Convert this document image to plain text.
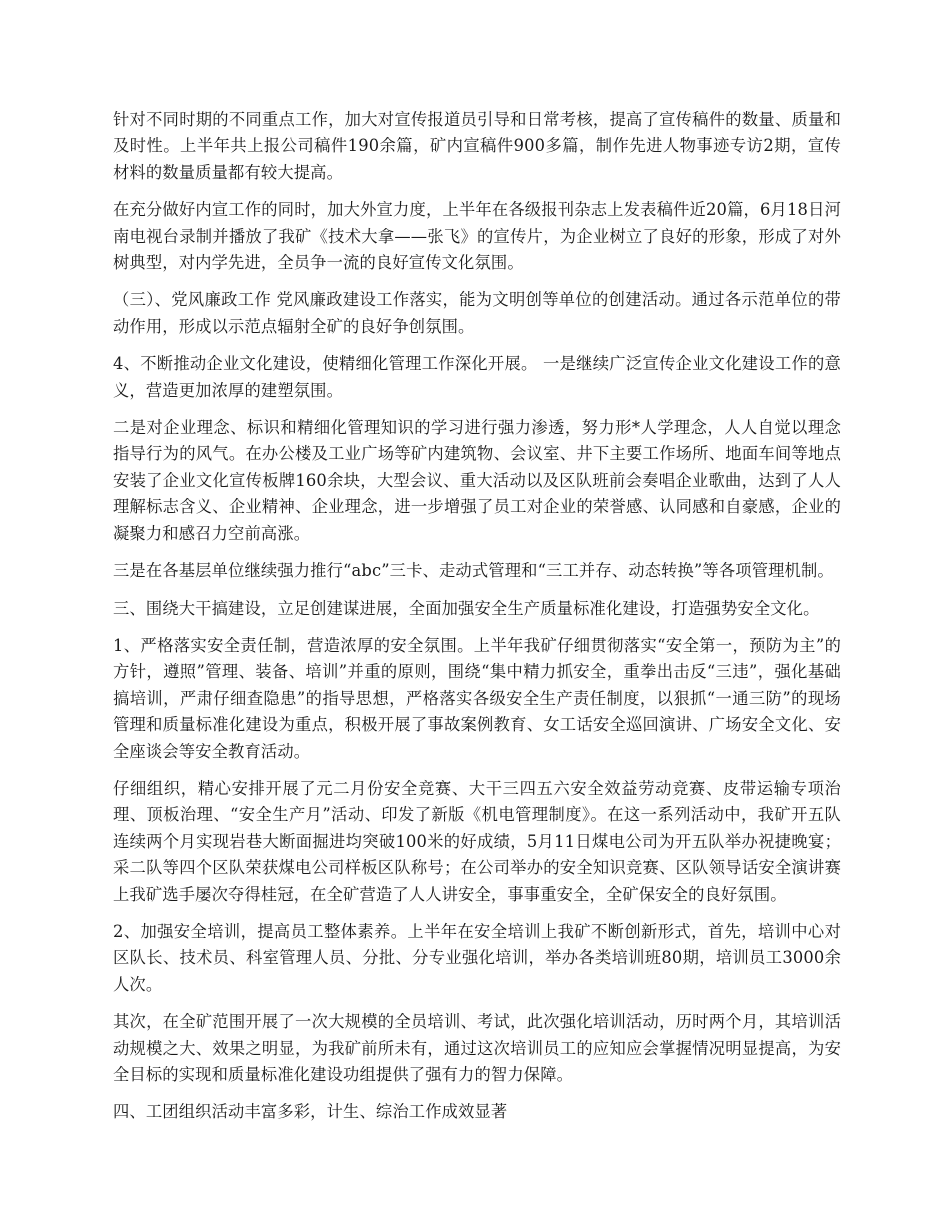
针对不同时期的不同重点工作，加大对宣传报道员引导和日常考核，提高了宣传稿件的数量、质量和及时性。上半年共上报公司稿件190余篇，矿内宣稿件900多篇，制作先进人物事迹专访2期，宣传材料的数量质量都有较大提高。

在充分做好内宣工作的同时，加大外宣力度，上半年在各级报刊杂志上发表稿件近20篇，6月18日河南电视台录制并播放了我矿《技术大拿——张飞》的宣传片，为企业树立了良好的形象，形成了对外树典型，对内学先进，全员争一流的良好宣传文化氛围。

（三）、党风廉政工作 党风廉政建设工作落实，能为文明创等单位的创建活动。通过各示范单位的带动作用，形成以示范点辐射全矿的良好争创氛围。

4、不断推动企业文化建设，使精细化管理工作深化开展。 一是继续广泛宣传企业文化建设工作的意义，营造更加浓厚的建塑氛围。

二是对企业理念、标识和精细化管理知识的学习进行强力渗透，努力形*人学理念，人人自觉以理念指导行为的风气。在办公楼及工业广场等矿内建筑物、会议室、井下主要工作场所、地面车间等地点安装了企业文化宣传板牌160余块，大型会议、重大活动以及区队班前会奏唱企业歌曲，达到了人人理解标志含义、企业精神、企业理念，进一步增强了员工对企业的荣誉感、认同感和自豪感，企业的凝聚力和感召力空前高涨。

三是在各基层单位继续强力推行“abc”三卡、走动式管理和“三工并存、动态转换”等各项管理机制。

三、围绕大干搞建设，立足创建谋进展，全面加强安全生产质量标准化建设，打造强势安全文化。

1、严格落实安全责任制，营造浓厚的安全氛围。上半年我矿仔细贯彻落实“安全第一，预防为主”的方针，遵照”管理、装备、培训”并重的原则，围绕“集中精力抓安全，重拳出击反“三违”，强化基础搞培训，严肃仔细查隐患”的指导思想，严格落实各级安全生产责任制度，以狠抓“一通三防”的现场管理和质量标准化建设为重点，积极开展了事故案例教育、女工话安全巡回演讲、广场安全文化、安全座谈会等安全教育活动。

仔细组织，精心安排开展了元二月份安全竞赛、大干三四五六安全效益劳动竞赛、皮带运输专项治理、顶板治理、“安全生产月”活动、印发了新版《机电管理制度》。在这一系列活动中，我矿开五队连续两个月实现岩巷大断面掘进均突破100米的好成绩，5月11日煤电公司为开五队举办祝捷晚宴；采二队等四个区队荣获煤电公司样板区队称号；在公司举办的安全知识竞赛、区队领导话安全演讲赛上我矿选手屡次夺得桂冠，在全矿营造了人人讲安全，事事重安全，全矿保安全的良好氛围。

2、加强安全培训，提高员工整体素养。上半年在安全培训上我矿不断创新形式，首先，培训中心对区队长、技术员、科室管理人员、分批、分专业强化培训，举办各类培训班80期，培训员工3000余人次。

其次，在全矿范围开展了一次大规模的全员培训、考试，此次强化培训活动，历时两个月，其培训活动规模之大、效果之明显，为我矿前所未有，通过这次培训员工的应知应会掌握情况明显提高，为安全目标的实现和质量标准化建设功组提供了强有力的智力保障。

四、工团组织活动丰富多彩，计生、综治工作成效显著
